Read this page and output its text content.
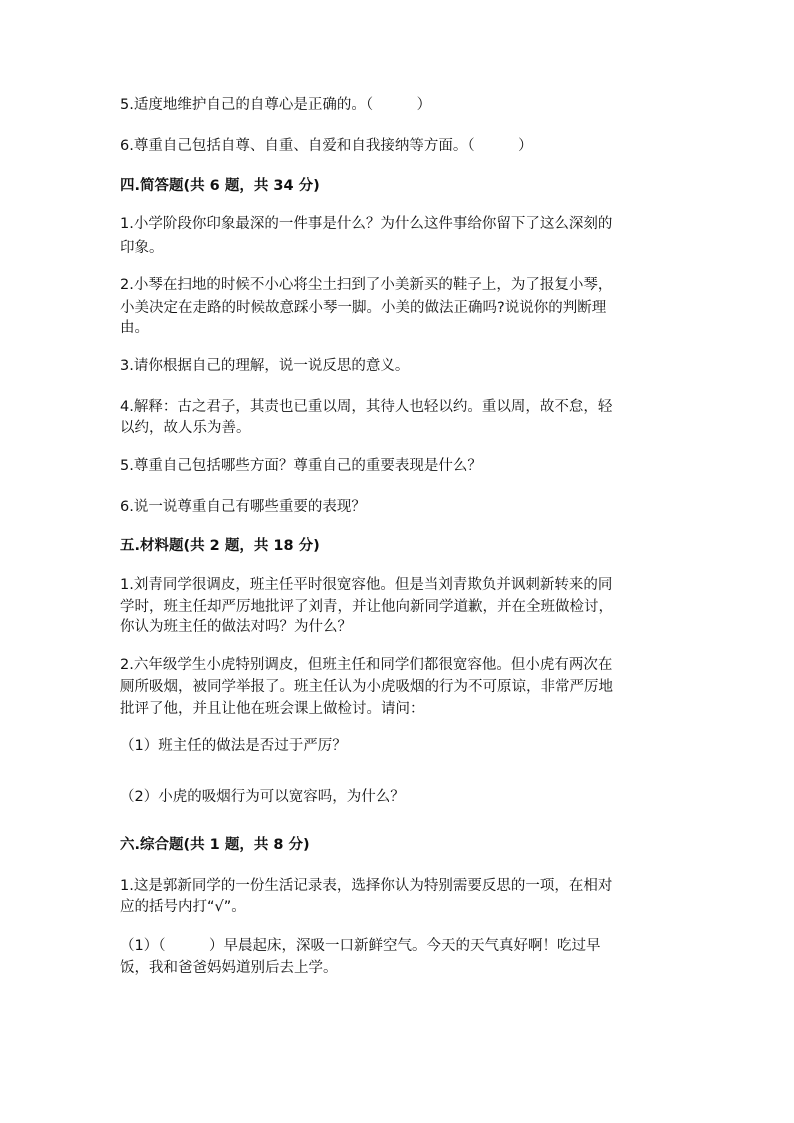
5.适度地维护自己的自尊心是正确的。（　　　）
6.尊重自己包括自尊、自重、自爱和自我接纳等方面。（　　　）
四.简答题(共 6 题，共 34 分)
1.小学阶段你印象最深的一件事是什么？为什么这件事给你留下了这么深刻的
印象。
2.小琴在扫地的时候不小心将尘土扫到了小美新买的鞋子上，为了报复小琴，
小美决定在走路的时候故意踩小琴一脚。小美的做法正确吗?说说你的判断理
由。
3.请你根据自己的理解，说一说反思的意义。
4.解释：古之君子，其责也已重以周，其待人也轻以约。重以周，故不怠，轻
以约，故人乐为善。
5.尊重自己包括哪些方面？尊重自己的重要表现是什么？
6.说一说尊重自己有哪些重要的表现？
五.材料题(共 2 题，共 18 分)
1.刘青同学很调皮，班主任平时很宽容他。但是当刘青欺负并讽刺新转来的同
学时，班主任却严厉地批评了刘青，并让他向新同学道歉，并在全班做检讨，
你认为班主任的做法对吗？为什么？
2.六年级学生小虎特别调皮，但班主任和同学们都很宽容他。但小虎有两次在
厕所吸烟，被同学举报了。班主任认为小虎吸烟的行为不可原谅，非常严厉地
批评了他，并且让他在班会课上做检讨。请问：
（1）班主任的做法是否过于严厉？
（2）小虎的吸烟行为可以宽容吗，为什么？
六.综合题(共 1 题，共 8 分)
1.这是郭新同学的一份生活记录表，选择你认为特别需要反思的一项，在相对
应的括号内打“√”。
（1）（　　　）早晨起床，深吸一口新鲜空气。今天的天气真好啊！吃过早
饭，我和爸爸妈妈道别后去上学。
